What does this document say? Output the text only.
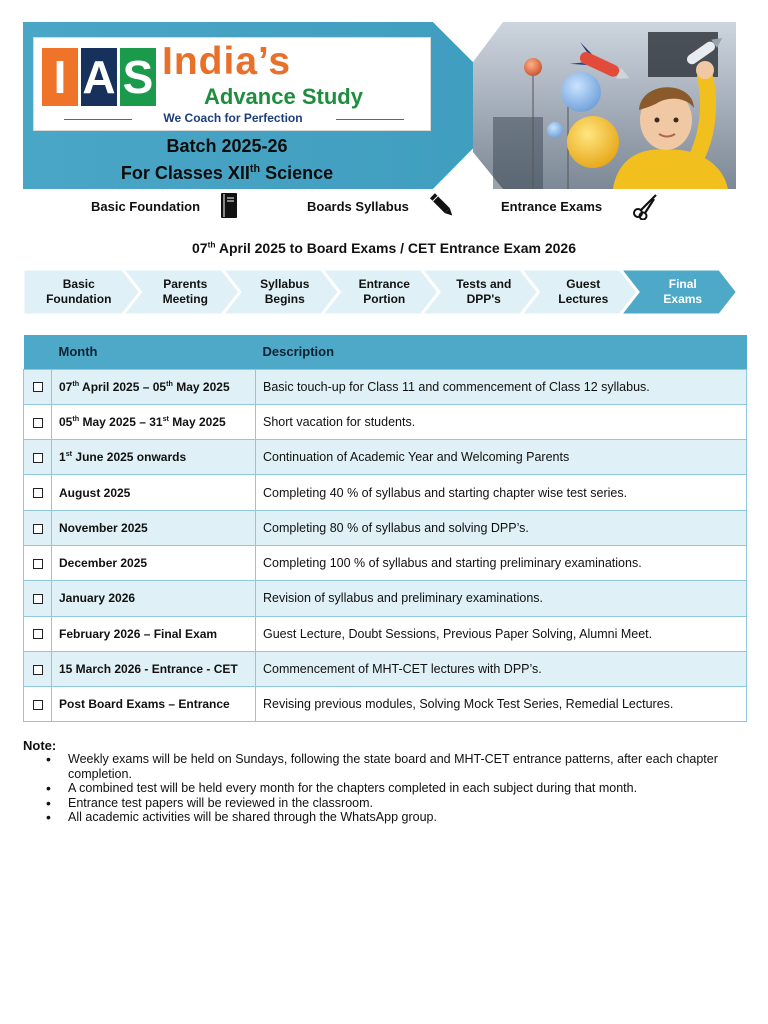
I A S India’s
Advance Study
We Coach for Perfection
Batch 2025-26
For Classes XIIth Science
Basic Foundation	Boards Syllabus	Entrance Exams
07th April 2025 to Board Exams / CET Entrance Exam 2026
Basic
Foundation
Parents
Meeting
Syllabus
Begins
Entrance
Portion
Tests and
DPP's
Guest
Lectures
Final
Exams
	Month	Description
	07th April 2025 – 05th May 2025	Basic touch-up for Class 11 and commencement of Class 12 syllabus.
	05th May 2025 – 31st May 2025	Short vacation for students.
	1st June 2025 onwards	Continuation of Academic Year and Welcoming Parents
	August 2025	Completing 40 % of syllabus and starting chapter wise test series.
	November 2025	Completing 80 % of syllabus and solving DPP’s.
	December 2025	Completing 100 % of syllabus and starting preliminary examinations.
	January 2026	Revision of syllabus and preliminary examinations.
	February 2026 – Final Exam	Guest Lecture, Doubt Sessions, Previous Paper Solving, Alumni Meet.
	15 March 2026 - Entrance - CET	Commencement of MHT-CET lectures with DPP’s.
	Post Board Exams – Entrance	Revising previous modules, Solving Mock Test Series, Remedial Lectures.
Note:
• Weekly exams will be held on Sundays, following the state board and MHT-CET entrance patterns, after each chapter completion.
• A combined test will be held every month for the chapters completed in each subject during that month.
• Entrance test papers will be reviewed in the classroom.
• All academic activities will be shared through the WhatsApp group.
